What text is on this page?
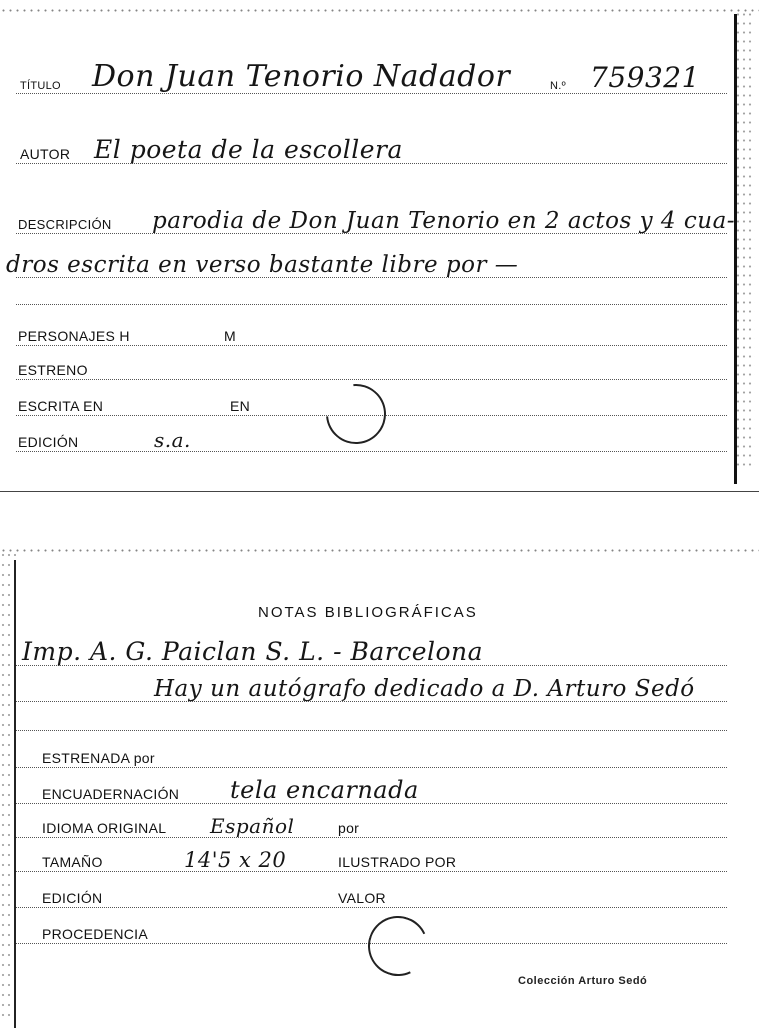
TÍTULO Don Juan Tenorio Nadador	N.º 759321
AUTOR El poeta de la escollera
DESCRIPCIÓN parodia de Don Juan Tenorio en 2 actos y 4 cua-
dros escrita en verso bastante libre por —
PERSONAJES H	M
ESTRENO
ESCRITA EN	EN
EDICIÓN	s.a.
NOTAS BIBLIOGRÁFICAS
Imp. A. G. Paiclan S. L. - Barcelona
Hay un autógrafo dedicado a D. Arturo Sedó
ESTRENADA por
ENCUADERNACIÓN tela encarnada
IDIOMA ORIGINAL Español	por
TAMAÑO	14'5 x 20	ILUSTRADO POR
EDICIÓN	VALOR
PROCEDENCIA
Colección Arturo Sedó
